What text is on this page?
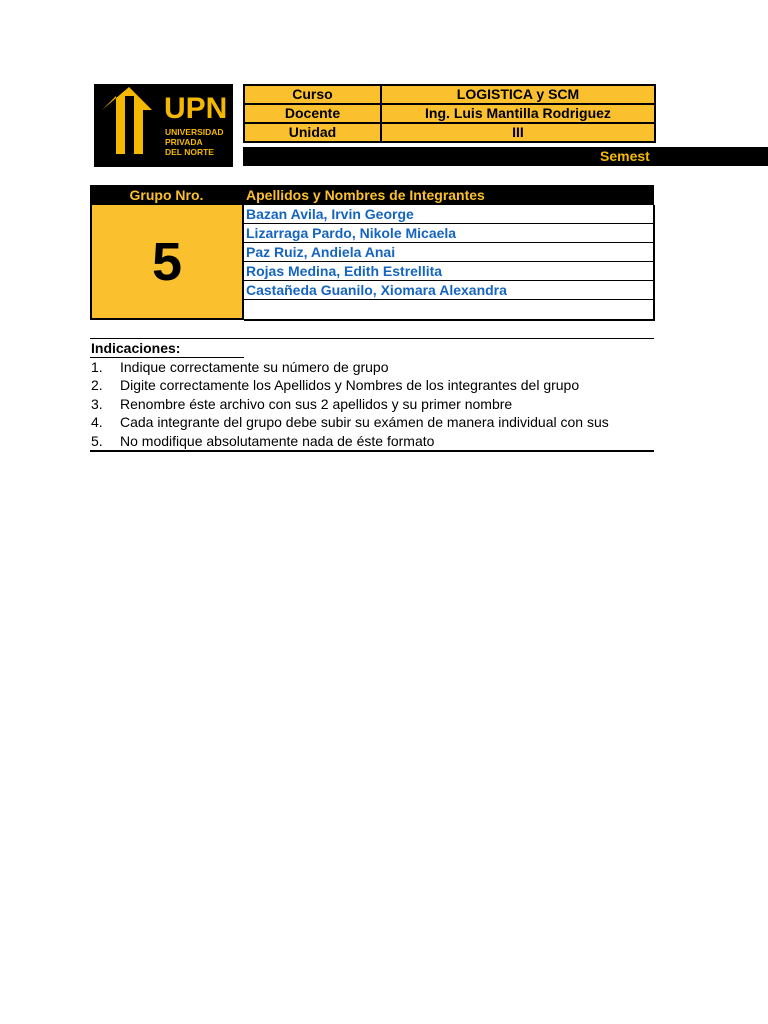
UPN
UNIVERSIDAD
PRIVADA
DEL NORTE
Curso	LOGISTICA y SCM
Docente	Ing. Luis Mantilla Rodriguez
Unidad	III
Semest
Grupo Nro.	Apellidos y Nombres de Integrantes
5
Bazan Avila, Irvin George
Lizarraga Pardo, Nikole Micaela
Paz Ruiz, Andiela Anai
Rojas Medina, Edith Estrellita
Castañeda Guanilo, Xiomara Alexandra
Indicaciones:
1. Indique correctamente su número de grupo
2. Digite correctamente los Apellidos y Nombres de los integrantes del grupo
3. Renombre éste archivo con sus 2 apellidos y su primer nombre
4. Cada integrante del grupo debe subir su exámen de manera individual con sus
5. No modifique absolutamente nada de éste formato
